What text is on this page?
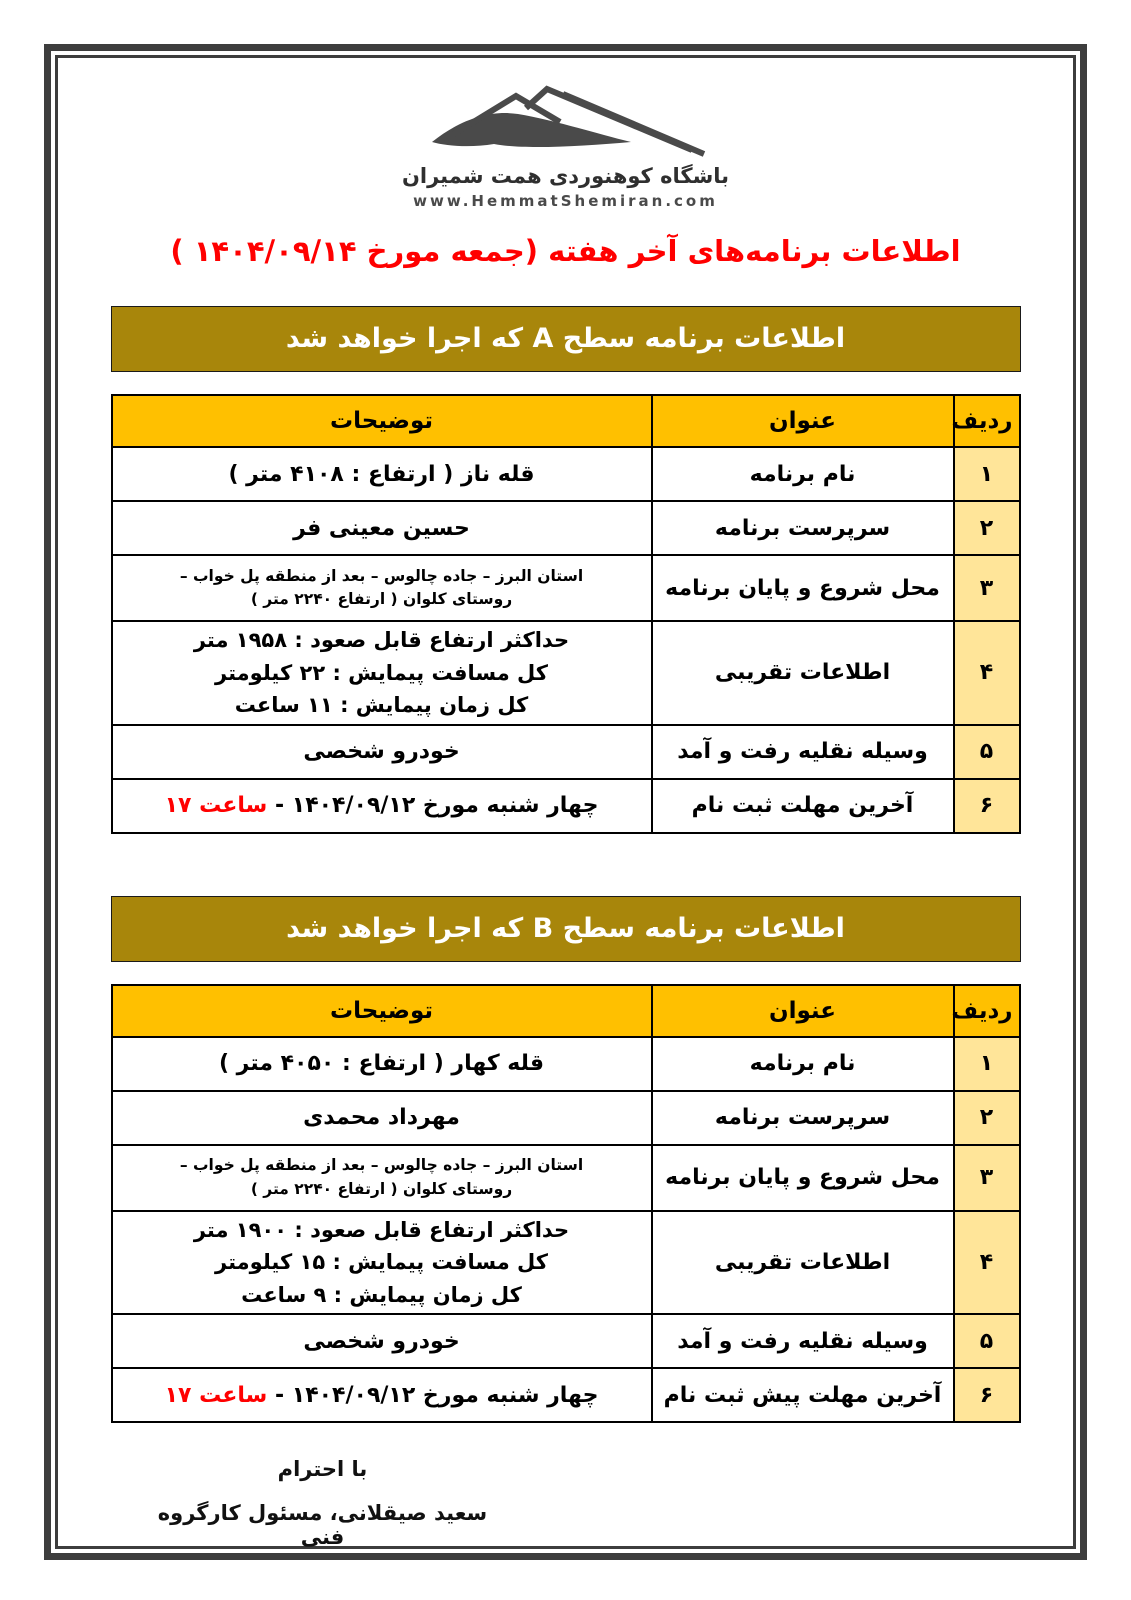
باشگاه کوهنوردی همت شمیران
www.HemmatShemiran.com
اطلاعات برنامه‌های آخر هفته (جمعه مورخ ۱۴۰۴/۰۹/۱۴ )
اطلاعات برنامه سطح A که اجرا خواهد شد
ردیف	عنوان	توضیحات
۱	نام برنامه	قله ناز ( ارتفاع : ۴۱۰۸ متر )
۲	سرپرست برنامه	حسین معینی فر
۳	محل شروع و پایان برنامه	استان البرز – جاده چالوس – بعد از منطقه پل خواب – روستای کلوان ( ارتفاع ۲۲۴۰ متر )

۴	اطلاعات تقریبی	حداکثر ارتفاع قابل صعود : ۱۹۵۸ متر
کل مسافت پیمایش : ۲۲ کیلومتر
کل زمان پیمایش : ۱۱ ساعت

۵	وسیله نقلیه رفت و آمد	خودرو شخصی
۶	آخرین مهلت ثبت نام	چهار شنبه مورخ ۱۴۰۴/۰۹/۱۲ - ساعت ۱۷
اطلاعات برنامه سطح B که اجرا خواهد شد
ردیف	عنوان	توضیحات
۱	نام برنامه	قله کهار ( ارتفاع : ۴۰۵۰ متر )
۲	سرپرست برنامه	مهرداد محمدی
۳	محل شروع و پایان برنامه	استان البرز – جاده چالوس – بعد از منطقه پل خواب – روستای کلوان ( ارتفاع ۲۲۴۰ متر )

۴	اطلاعات تقریبی	حداکثر ارتفاع قابل صعود : ۱۹۰۰ متر
کل مسافت پیمایش : ۱۵ کیلومتر
کل زمان پیمایش : ۹ ساعت

۵	وسیله نقلیه رفت و آمد	خودرو شخصی
۶	آخرین مهلت پیش ثبت نام	چهار شنبه مورخ ۱۴۰۴/۰۹/۱۲ - ساعت ۱۷
با احترام
سعید صیقلانی، مسئول کارگروه فنی
